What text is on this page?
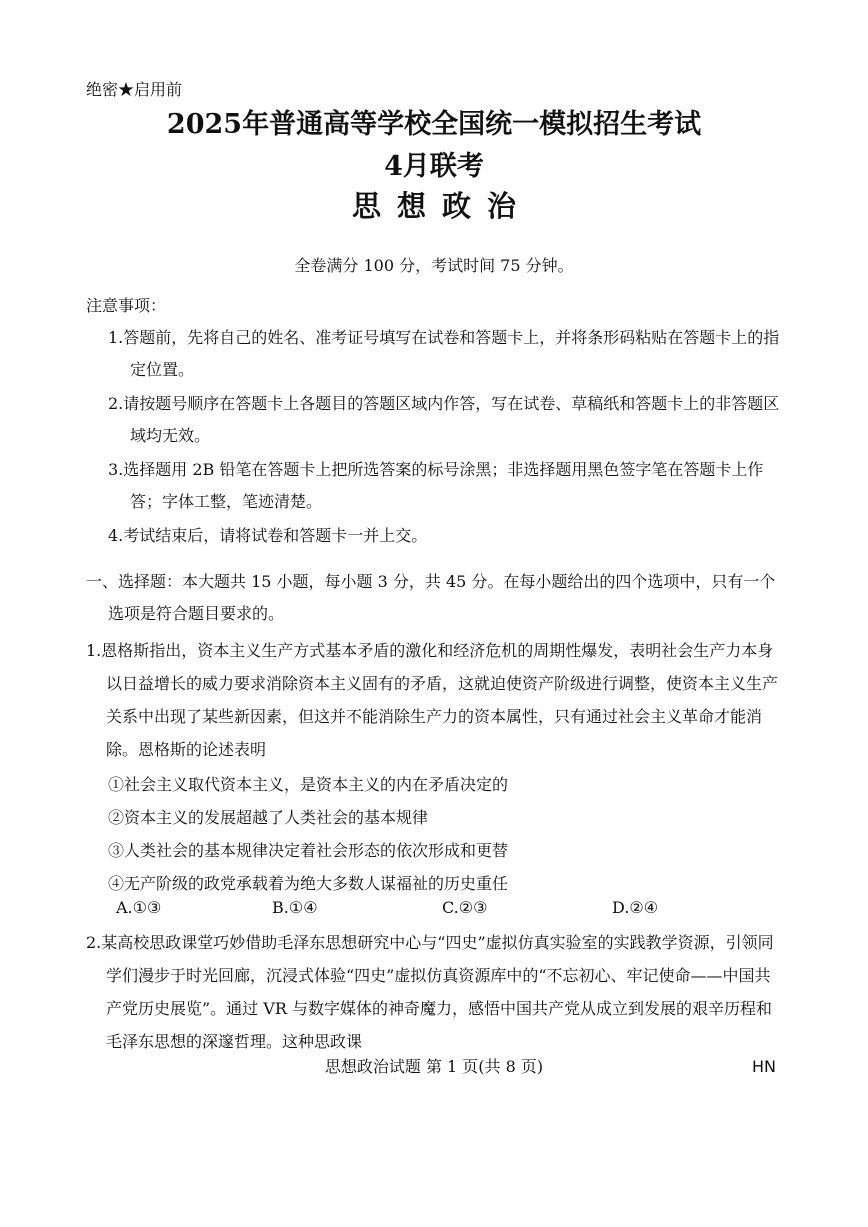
绝密★启用前
2025年普通高等学校全国统一模拟招生考试
4月联考
思想政治
全卷满分 100 分，考试时间 75 分钟。
注意事项：
1.答题前，先将自己的姓名、准考证号填写在试卷和答题卡上，并将条形码粘贴在答题卡上的指定位置。
2.请按题号顺序在答题卡上各题目的答题区域内作答，写在试卷、草稿纸和答题卡上的非答题区域均无效。
3.选择题用 2B 铅笔在答题卡上把所选答案的标号涂黑；非选择题用黑色签字笔在答题卡上作答；字体工整，笔迹清楚。
4.考试结束后，请将试卷和答题卡一并上交。
一、选择题：本大题共 15 小题，每小题 3 分，共 45 分。在每小题给出的四个选项中，只有一个选项是符合题目要求的。
1.恩格斯指出，资本主义生产方式基本矛盾的激化和经济危机的周期性爆发，表明社会生产力本身以日益增长的威力要求消除资本主义固有的矛盾，这就迫使资产阶级进行调整，使资本主义生产关系中出现了某些新因素，但这并不能消除生产力的资本属性，只有通过社会主义革命才能消除。恩格斯的论述表明
①社会主义取代资本主义，是资本主义的内在矛盾决定的
②资本主义的发展超越了人类社会的基本规律
③人类社会的基本规律决定着社会形态的依次形成和更替
④无产阶级的政党承载着为绝大多数人谋福祉的历史重任
A.①③	B.①④	C.②③	D.②④
2.某高校思政课堂巧妙借助毛泽东思想研究中心与“四史”虚拟仿真实验室的实践教学资源，引领同学们漫步于时光回廊，沉浸式体验“四史”虚拟仿真资源库中的“不忘初心、牢记使命——中国共产党历史展览”。通过 VR 与数字媒体的神奇魔力，感悟中国共产党从成立到发展的艰辛历程和毛泽东思想的深邃哲理。这种思政课
思想政治试题 第 1 页(共 8 页)	HN
